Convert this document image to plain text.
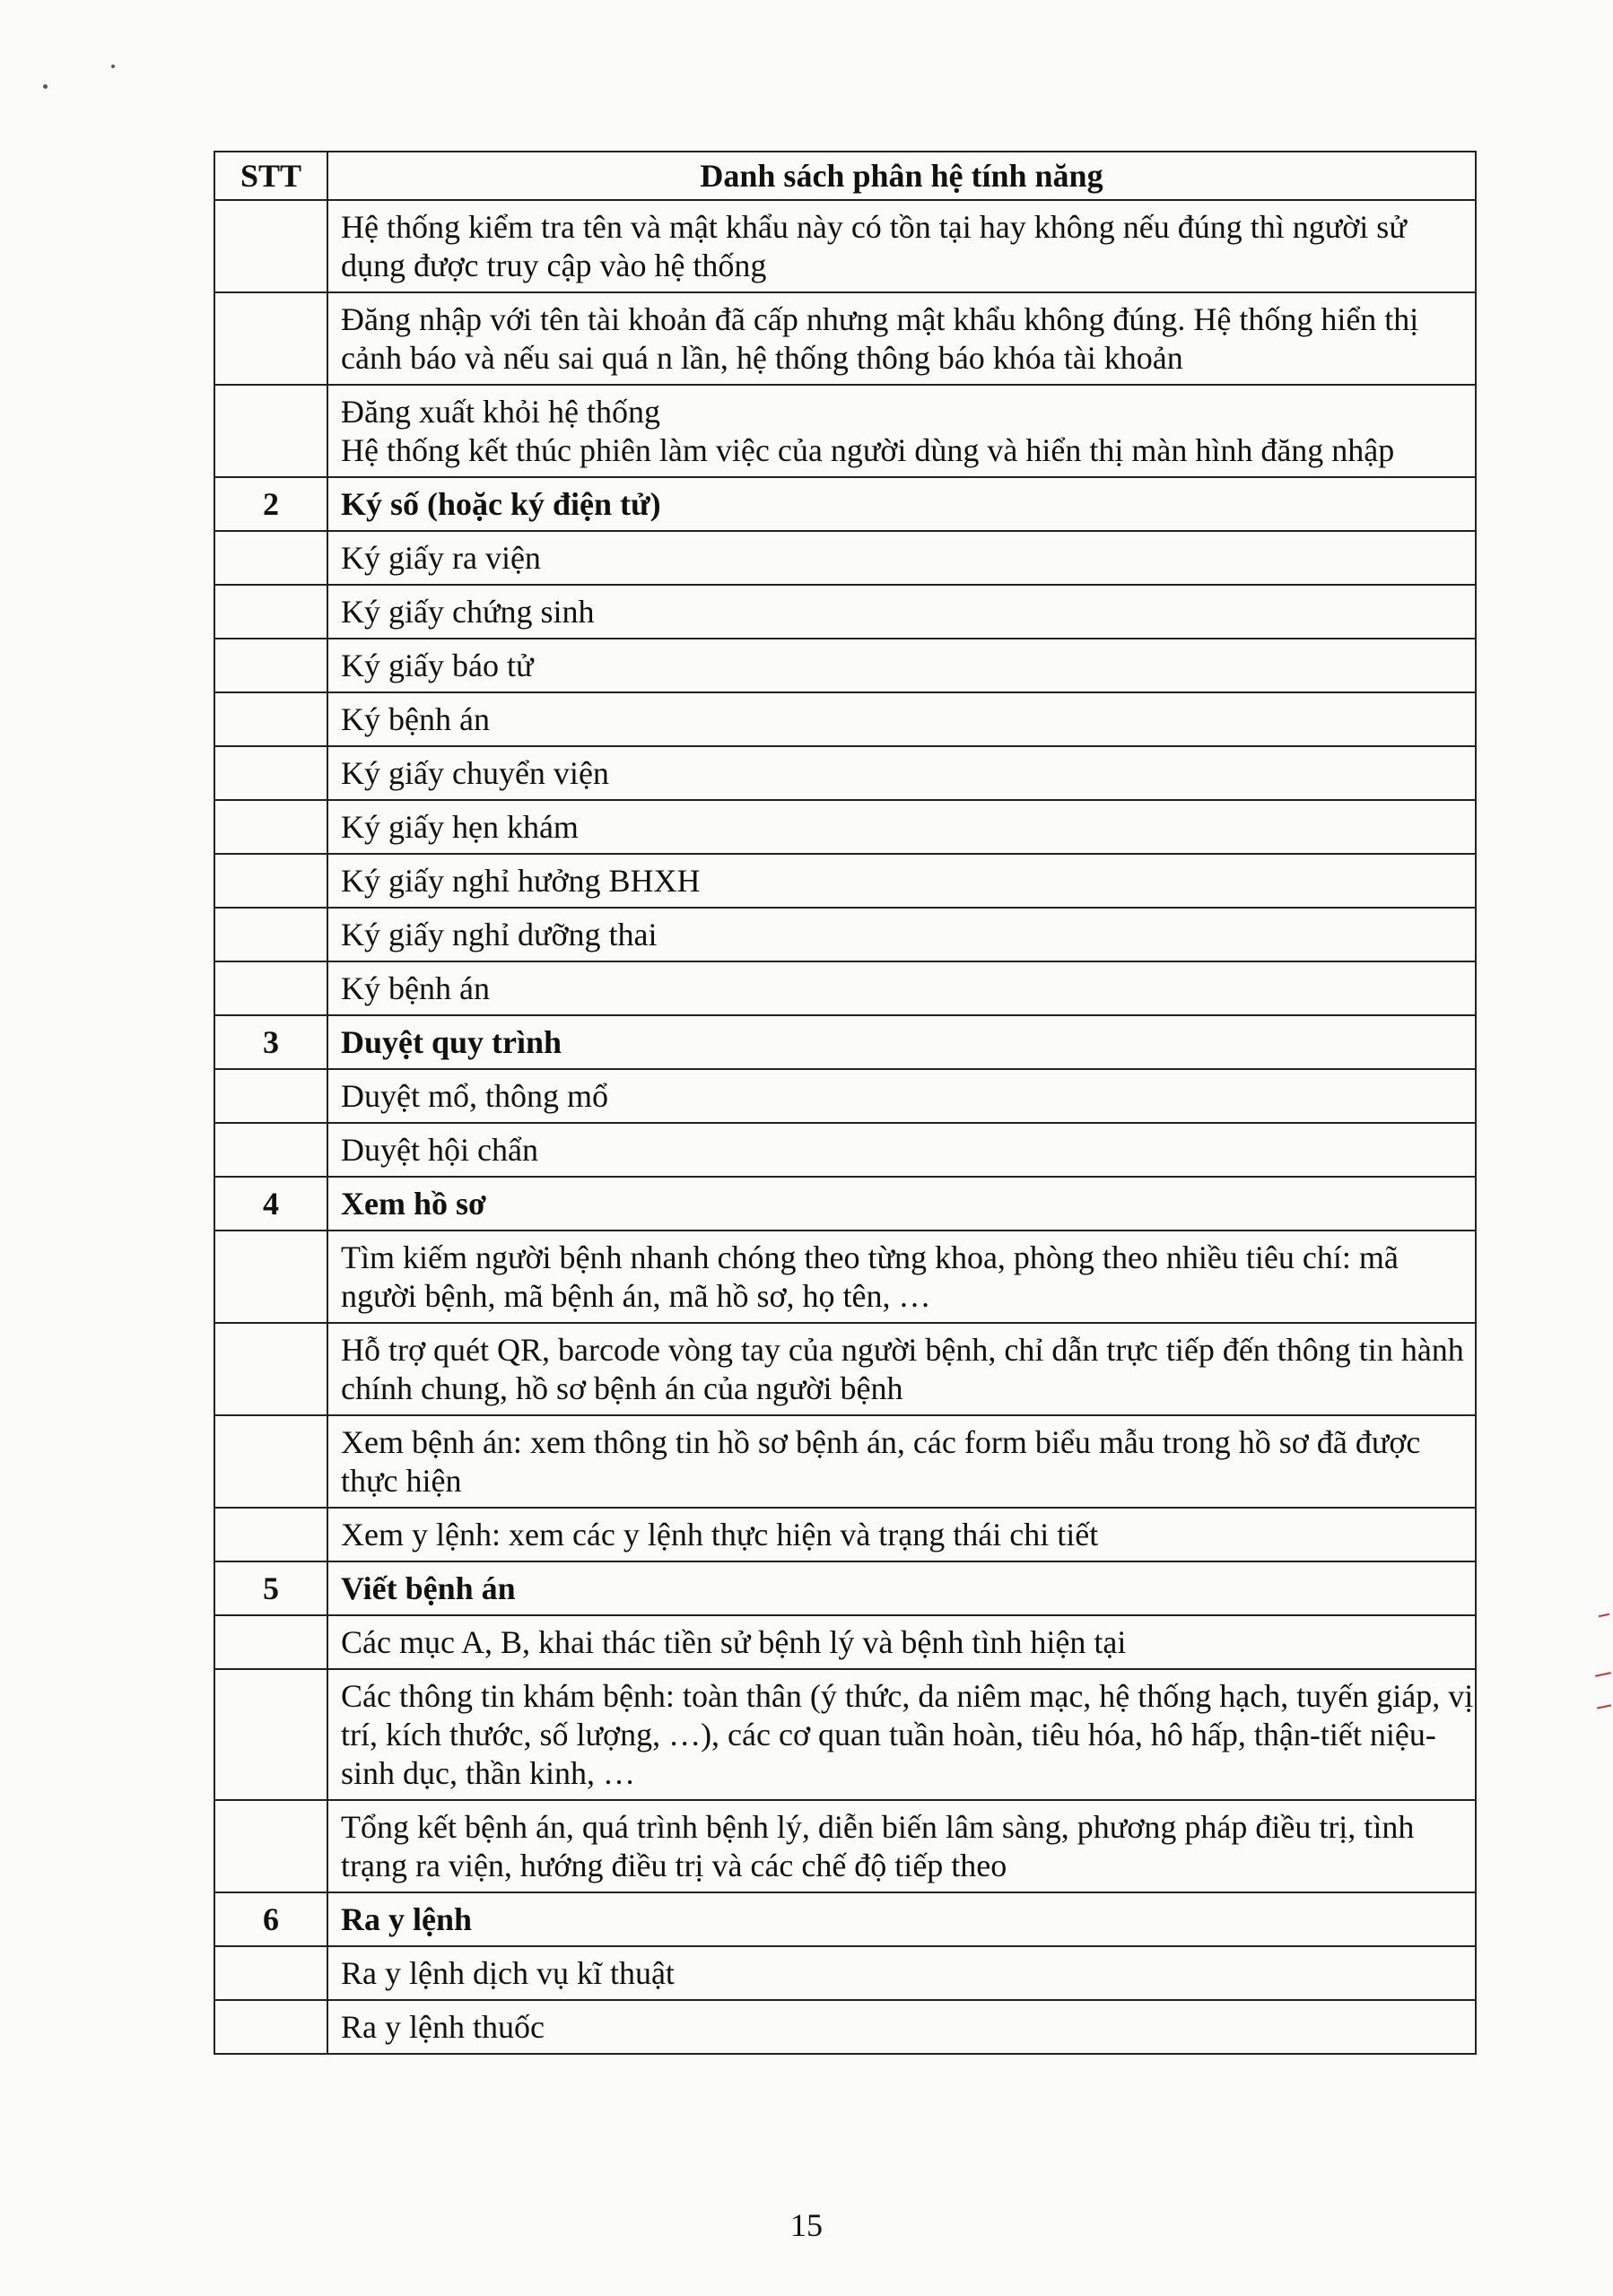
STT	Danh sách phân hệ tính năng
	Hệ thống kiểm tra tên và mật khẩu này có tồn tại hay không nếu đúng thì người sử dụng được truy cập vào hệ thống
	Đăng nhập với tên tài khoản đã cấp nhưng mật khẩu không đúng. Hệ thống hiển thị cảnh báo và nếu sai quá n lần, hệ thống thông báo khóa tài khoản
	Đăng xuất khỏi hệ thống
Hệ thống kết thúc phiên làm việc của người dùng và hiển thị màn hình đăng nhập
2	Ký số (hoặc ký điện tử)
	Ký giấy ra viện
	Ký giấy chứng sinh
	Ký giấy báo tử
	Ký bệnh án
	Ký giấy chuyển viện
	Ký giấy hẹn khám
	Ký giấy nghỉ hưởng BHXH
	Ký giấy nghỉ dưỡng thai
	Ký bệnh án
3	Duyệt quy trình
	Duyệt mổ, thông mổ
	Duyệt hội chẩn
4	Xem hồ sơ
	Tìm kiếm người bệnh nhanh chóng theo từng khoa, phòng theo nhiều tiêu chí: mã người bệnh, mã bệnh án, mã hồ sơ, họ tên, …
	Hỗ trợ quét QR, barcode vòng tay của người bệnh, chỉ dẫn trực tiếp đến thông tin hành chính chung, hồ sơ bệnh án của người bệnh
	Xem bệnh án: xem thông tin hồ sơ bệnh án, các form biểu mẫu trong hồ sơ đã được thực hiện
	Xem y lệnh: xem các y lệnh thực hiện và trạng thái chi tiết
5	Viết bệnh án
	Các mục A, B, khai thác tiền sử bệnh lý và bệnh tình hiện tại
	Các thông tin khám bệnh: toàn thân (ý thức, da niêm mạc, hệ thống hạch, tuyến giáp, vị trí, kích thước, số lượng, …), các cơ quan tuần hoàn, tiêu hóa, hô hấp, thận-tiết niệu-sinh dục, thần kinh, …
	Tổng kết bệnh án, quá trình bệnh lý, diễn biến lâm sàng, phương pháp điều trị, tình trạng ra viện, hướng điều trị và các chế độ tiếp theo
6	Ra y lệnh
	Ra y lệnh dịch vụ kĩ thuật
	Ra y lệnh thuốc
15
